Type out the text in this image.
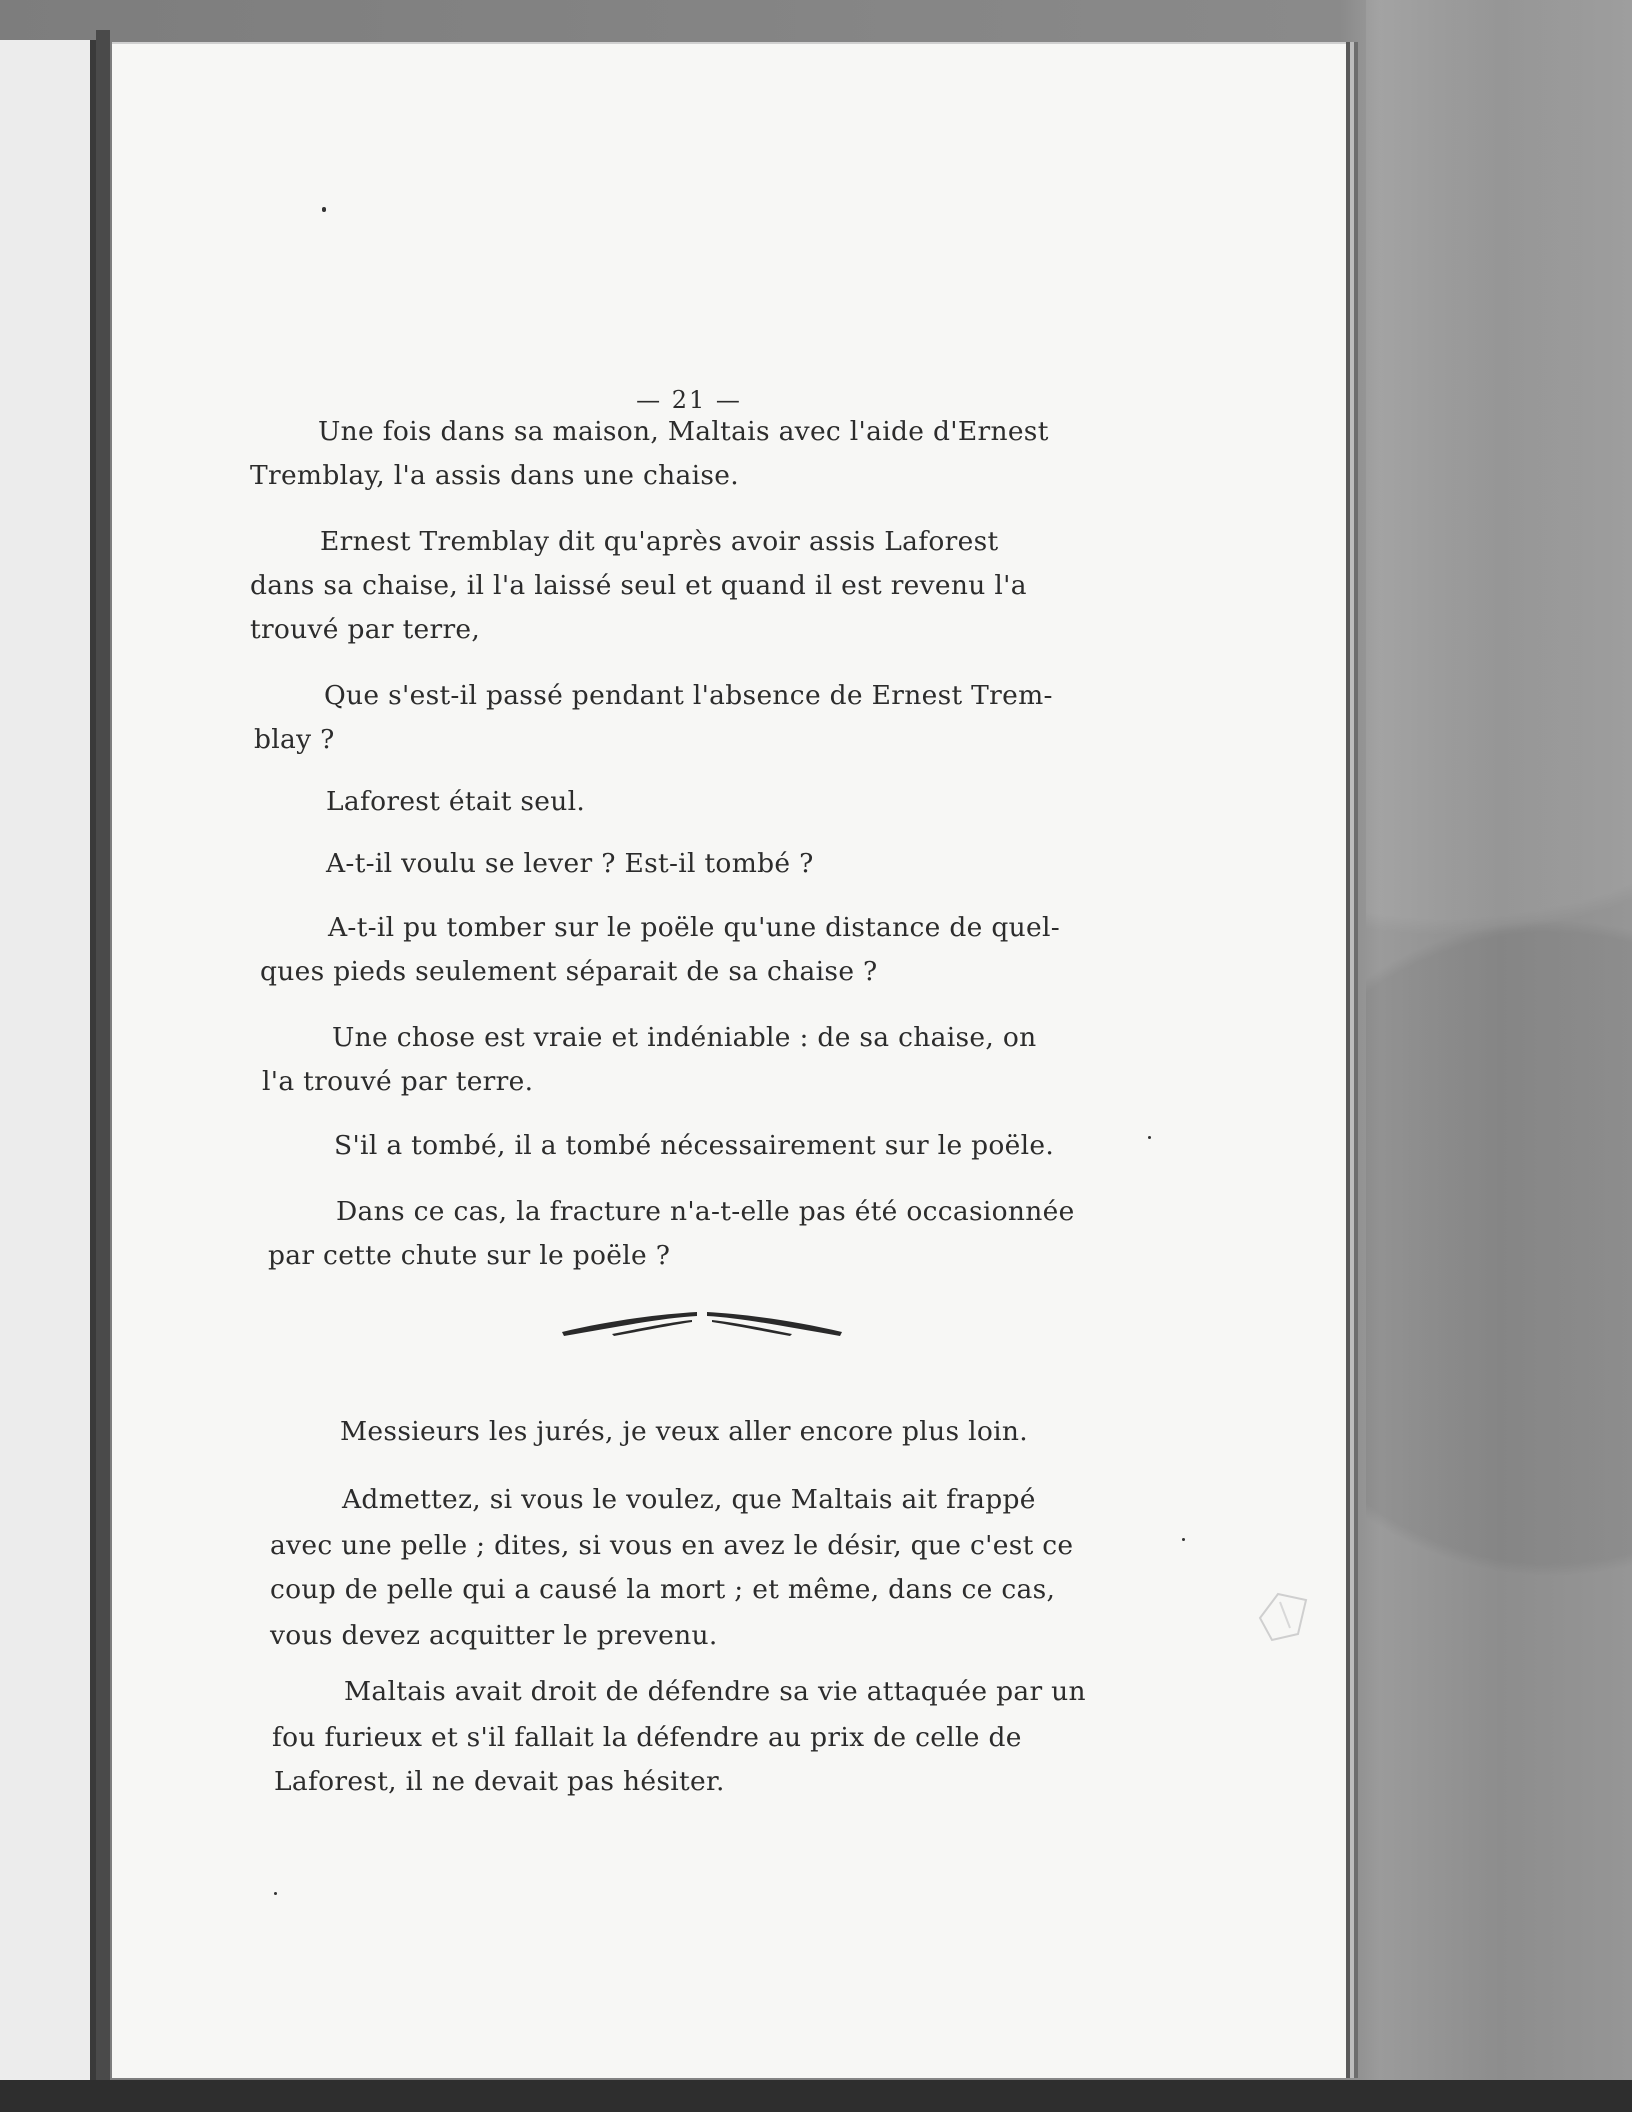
— 21 —
Une fois dans sa maison, Maltais avec l'aide d'Ernest
Tremblay, l'a assis dans une chaise.
Ernest Tremblay dit qu'après avoir assis Laforest
dans sa chaise, il l'a laissé seul et quand il est revenu l'a
trouvé par terre,
Que s'est-il passé pendant l'absence de Ernest Trem-
blay ?
Laforest était seul.
A-t-il voulu se lever ? Est-il tombé ?
A-t-il pu tomber sur le poële qu'une distance de quel-
ques pieds seulement séparait de sa chaise ?
Une chose est vraie et indéniable : de sa chaise, on
l'a trouvé par terre.
S'il a tombé, il a tombé nécessairement sur le poële.
Dans ce cas, la fracture n'a-t-elle pas été occasionnée
par cette chute sur le poële ?
Messieurs les jurés, je veux aller encore plus loin.
Admettez, si vous le voulez, que Maltais ait frappé
avec une pelle ; dites, si vous en avez le désir, que c'est ce
coup de pelle qui a causé la mort ; et même, dans ce cas,
vous devez acquitter le prevenu.
Maltais avait droit de défendre sa vie attaquée par un
fou furieux et s'il fallait la défendre au prix de celle de
Laforest, il ne devait pas hésiter.
